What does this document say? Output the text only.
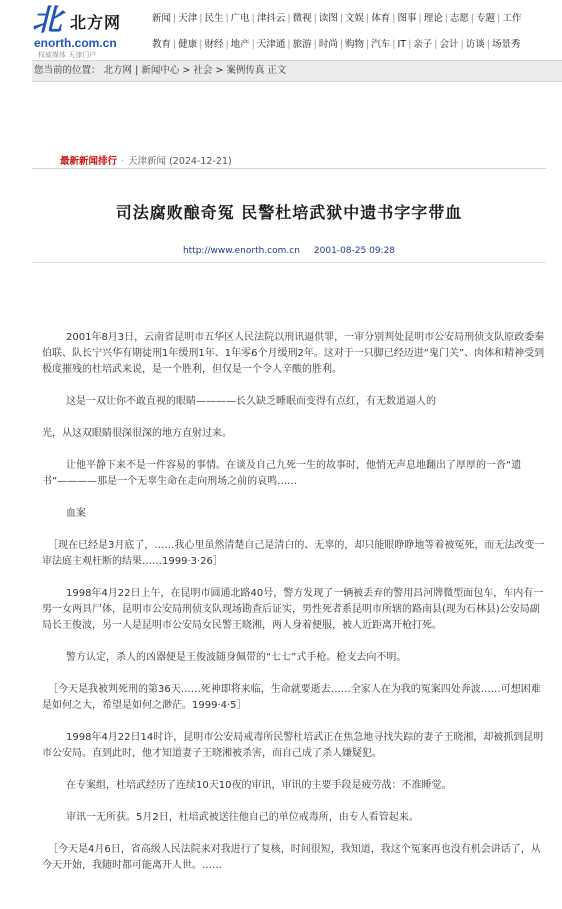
北 北方网
enorth.com.cn
权威媒体 天津门户
新闻 | 天津 | 民生 | 广电 | 津抖云 | 微视 | 读图 | 文娱 | 体育 | 图事 | 理论 | 志愿 | 专题 | 工作
教育 | 健康 | 财经 | 地产 | 天津通 | 旅游 | 时尚 | 购物 | 汽车 | IT | 亲子 | 会计 | 访谈 | 场景秀
您当前的位置： 北方网 | 新闻中心 > 社会 > 案例传真 正文
最新新闻排行 · 天津新闻 (2024-12-21)
司法腐败酿奇冤 民警杜培武狱中遗书字字带血
http://www.enorth.com.cn 2001-08-25 09:28

2001年8月3日，云南省昆明市五华区人民法院以刑讯逼供罪，一审分别判处昆明市公安局刑侦支队原政委秦伯联、队长宁兴华有期徒刑1年缓刑1年、1年零6个月缓刑2年。这对于一只脚已经迈进“鬼门关”、肉体和精神受到极度摧残的杜培武来说，是一个胜利，但仅是一个令人辛酸的胜利。

这是一双让你不敢直视的眼睛————长久缺乏睡眠而变得有点红，有无数道逼人的

光，从这双眼睛很深很深的地方直射过来。

让他平静下来不是一件容易的事情。在谈及自己九死一生的故事时，他悄无声息地翻出了厚厚的一沓“遗书”————那是一个无辜生命在走向刑场之前的哀鸣……

血案

［现在已经是3月底了，……我心里虽然清楚自己是清白的、无辜的，却只能眼睁睁地等着被冤死，而无法改变一审法庭主观枉断的结果……1999·3·26］

1998年4月22日上午，在昆明市圆通北路40号，警方发现了一辆被丢弃的警用昌河牌微型面包车，车内有一男一女两具尸体，昆明市公安局刑侦支队现场勘查后证实，男性死者系昆明市所辖的路南县(现为石林县)公安局副局长王俊波，另一人是昆明市公安局女民警王晓湘，两人身着便服，被人近距离开枪打死。

警方认定，杀人的凶器便是王俊波随身佩带的“七七”式手枪。枪支去向不明。

［今天是我被判死刑的第36天……死神即将来临，生命就要逝去……全家人在为我的冤案四处奔波……可想困难是如何之大，希望是如何之渺茫。1999·4·5］

1998年4月22日14时许，昆明市公安局戒毒所民警杜培武正在焦急地寻找失踪的妻子王晓湘，却被抓到昆明市公安局。直到此时，他才知道妻子王晓湘被杀害，而自己成了杀人嫌疑犯。

在专案组，杜培武经历了连续10天10夜的审讯，审讯的主要手段是疲劳战：不准睡觉。

审讯一无所获。5月2日，杜培武被送往他自己的单位戒毒所，由专人看管起来。

［今天是4月6日，省高级人民法院来对我进行了复核，时间很短，我知道，我这个冤案再也没有机会讲话了，从今天开始，我随时都可能离开人世。……
